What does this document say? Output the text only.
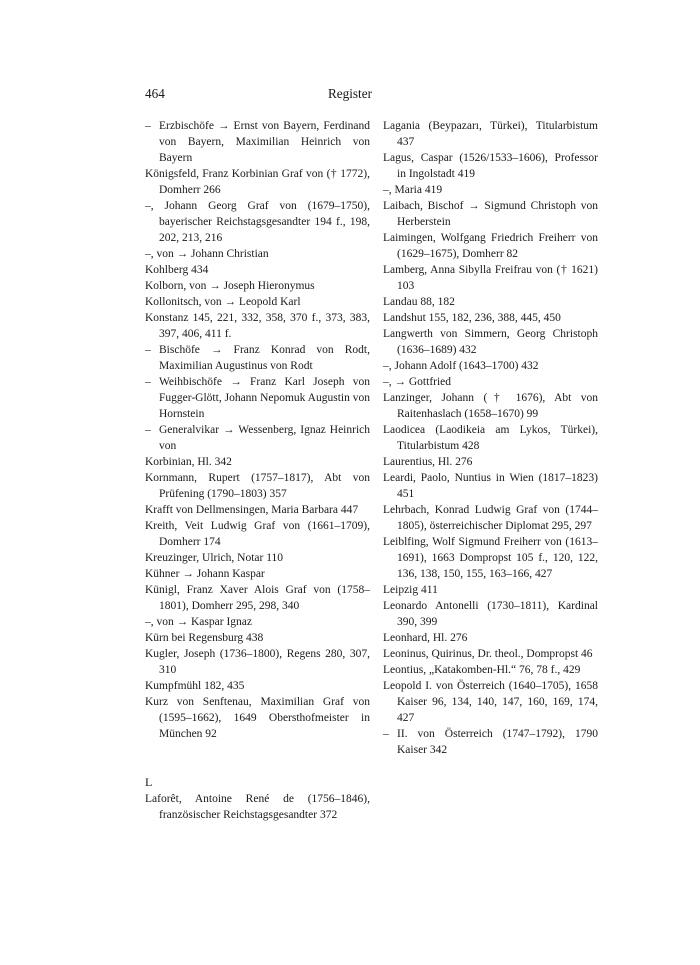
464	Register
– Erzbischöfe → Ernst von Bayern, Ferdinand von Bayern, Maximilian Heinrich von Bayern
Königsfeld, Franz Korbinian Graf von († 1772), Domherr 266
–, Johann Georg Graf von (1679–1750), bayerischer Reichstagsgesandter 194 f., 198, 202, 213, 216
–, von → Johann Christian
Kohlberg 434
Kolborn, von → Joseph Hieronymus
Kollonitsch, von → Leopold Karl
Konstanz 145, 221, 332, 358, 370 f., 373, 383, 397, 406, 411 f.
– Bischöfe → Franz Konrad von Rodt, Maximilian Augustinus von Rodt
– Weihbischöfe → Franz Karl Joseph von Fugger-Glött, Johann Nepomuk Augustin von Hornstein
– Generalvikar → Wessenberg, Ignaz Heinrich von
Korbinian, Hl. 342
Kornmann, Rupert (1757–1817), Abt von Prüfening (1790–1803) 357
Krafft von Dellmensingen, Maria Barbara 447
Kreith, Veit Ludwig Graf von (1661–1709), Domherr 174
Kreuzinger, Ulrich, Notar 110
Kühner → Johann Kaspar
Künigl, Franz Xaver Alois Graf von (1758–1801), Domherr 295, 298, 340
–, von → Kaspar Ignaz
Kürn bei Regensburg 438
Kugler, Joseph (1736–1800), Regens 280, 307, 310
Kumpfmühl 182, 435
Kurz von Senftenau, Maximilian Graf von (1595–1662), 1649 Obersthofmeister in München 92
L
Laforêt, Antoine René de (1756–1846), französischer Reichstagsgesandter 372
Lagania (Beypazarı, Türkei), Titularbistum 437
Lagus, Caspar (1526/1533–1606), Professor in Ingolstadt 419
–, Maria 419
Laibach, Bischof → Sigmund Christoph von Herberstein
Laimingen, Wolfgang Friedrich Freiherr von (1629–1675), Domherr 82
Lamberg, Anna Sibylla Freifrau von († 1621) 103
Landau 88, 182
Landshut 155, 182, 236, 388, 445, 450
Langwerth von Simmern, Georg Christoph (1636–1689) 432
–, Johann Adolf (1643–1700) 432
–, → Gottfried
Lanzinger, Johann († 1676), Abt von Raitenhaslach (1658–1670) 99
Laodicea (Laodikeia am Lykos, Türkei), Titularbistum 428
Laurentius, Hl. 276
Leardi, Paolo, Nuntius in Wien (1817–1823) 451
Lehrbach, Konrad Ludwig Graf von (1744–1805), österreichischer Diplomat 295, 297
Leiblfing, Wolf Sigmund Freiherr von (1613–1691), 1663 Dompropst 105 f., 120, 122, 136, 138, 150, 155, 163–166, 427
Leipzig 411
Leonardo Antonelli (1730–1811), Kardinal 390, 399
Leonhard, Hl. 276
Leoninus, Quirinus, Dr. theol., Dompropst 46
Leontius, „Katakomben-Hl.“ 76, 78 f., 429
Leopold I. von Österreich (1640–1705), 1658 Kaiser 96, 134, 140, 147, 160, 169, 174, 427
– II. von Österreich (1747–1792), 1790 Kaiser 342
